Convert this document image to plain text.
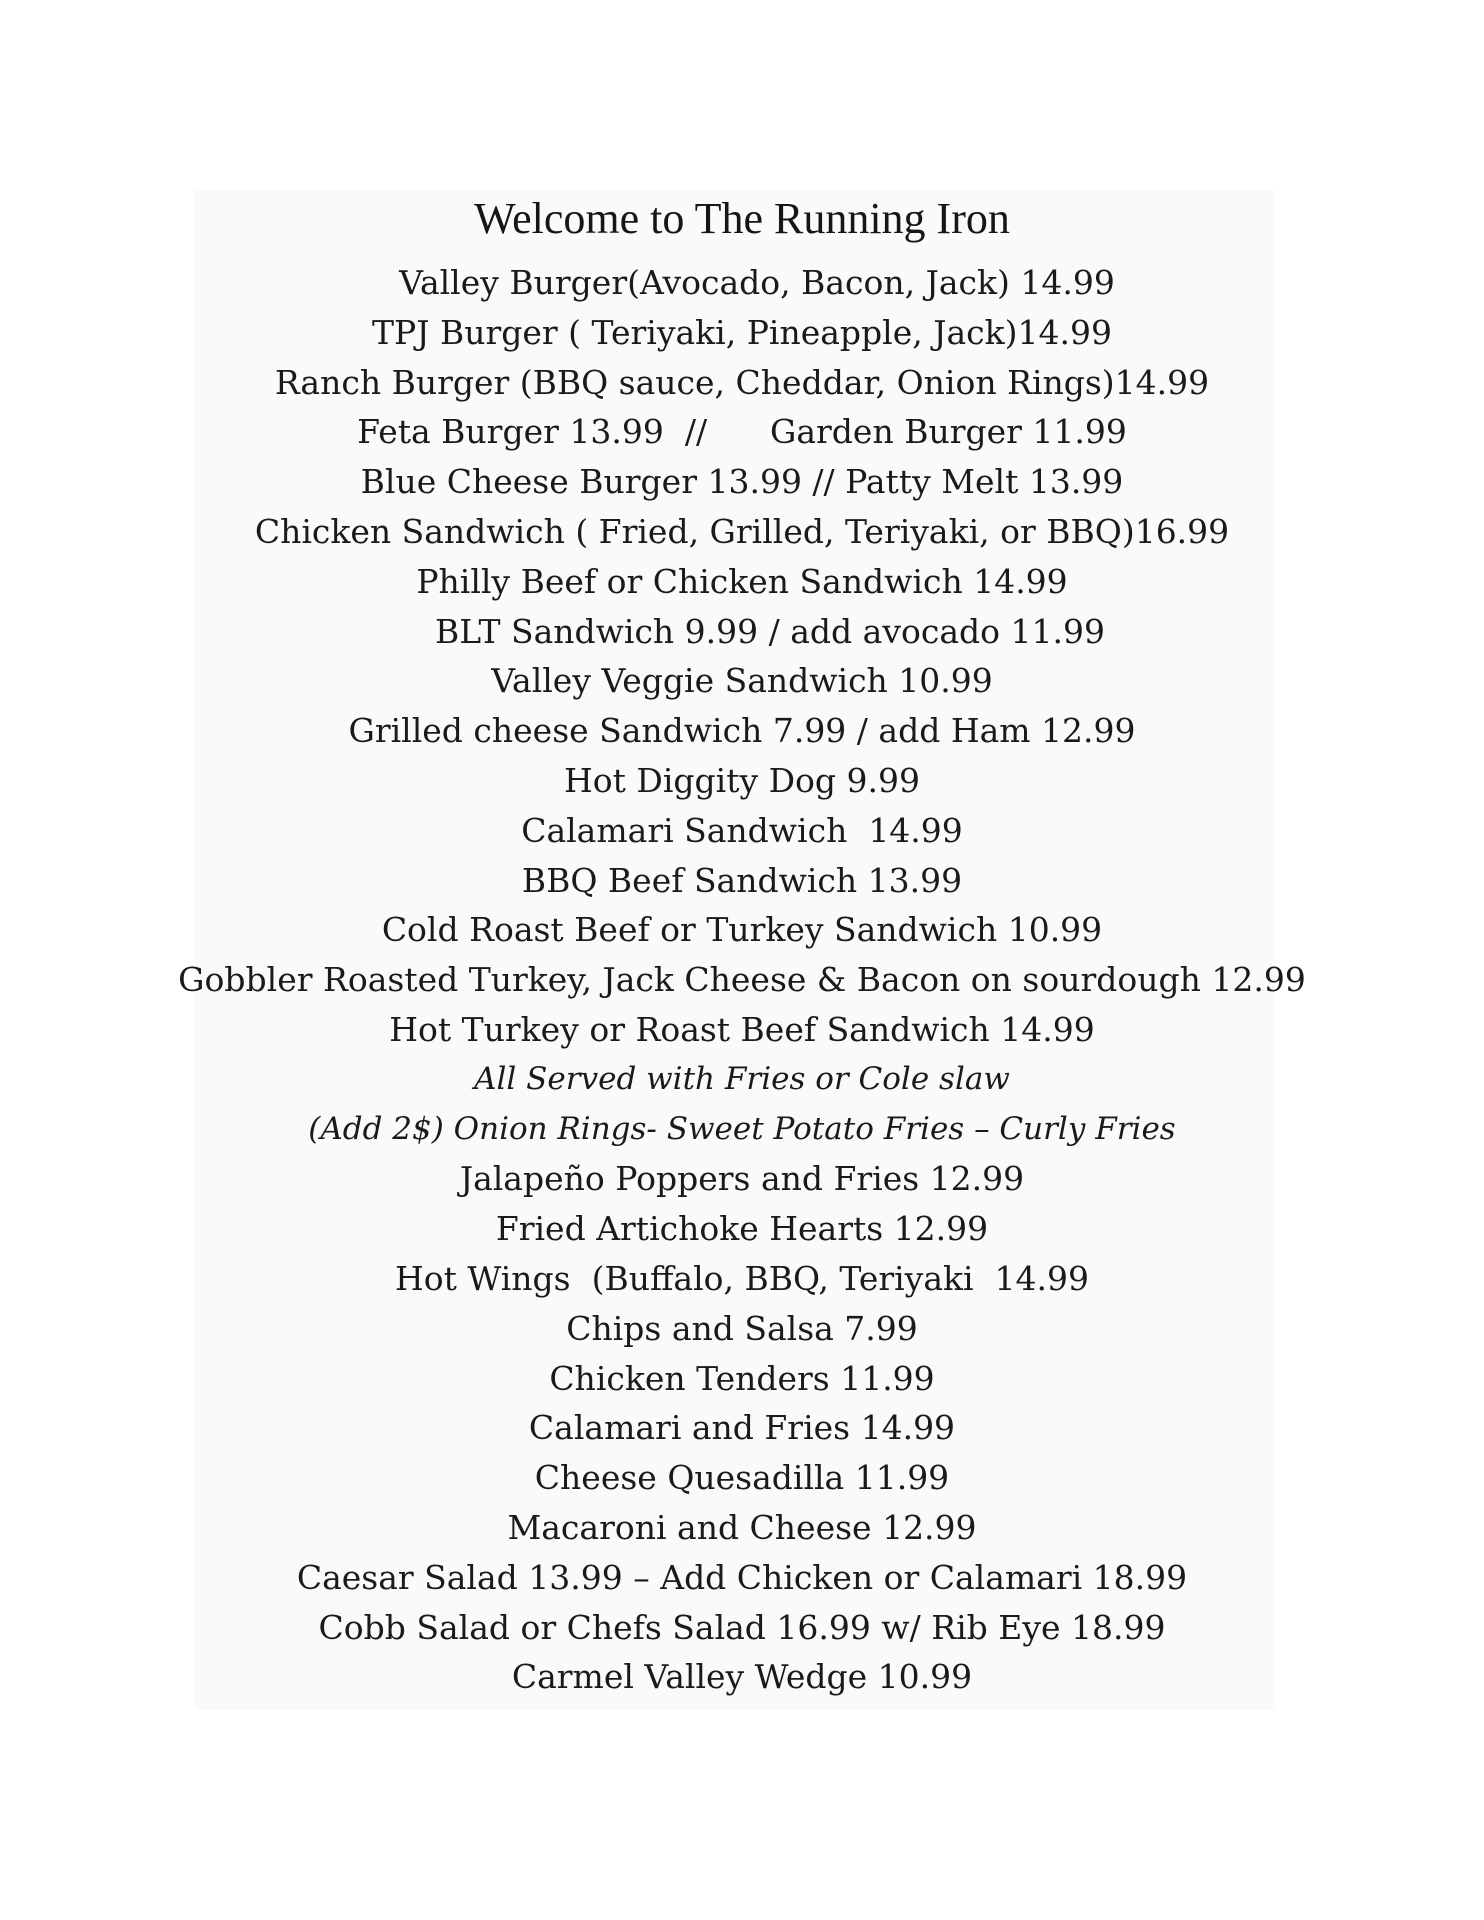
Welcome to The Running Iron
Valley Burger(Avocado, Bacon, Jack) 14.99
TPJ Burger ( Teriyaki, Pineapple, Jack)14.99
Ranch Burger (BBQ sauce, Cheddar, Onion Rings)14.99
Feta Burger 13.99  //      Garden Burger 11.99
Blue Cheese Burger 13.99 // Patty Melt 13.99
Chicken Sandwich ( Fried, Grilled, Teriyaki, or BBQ)16.99
Philly Beef or Chicken Sandwich 14.99
BLT Sandwich 9.99 / add avocado 11.99
Valley Veggie Sandwich 10.99
Grilled cheese Sandwich 7.99 / add Ham 12.99
Hot Diggity Dog 9.99
Calamari Sandwich  14.99
BBQ Beef Sandwich 13.99
Cold Roast Beef or Turkey Sandwich 10.99
Gobbler Roasted Turkey, Jack Cheese & Bacon on sourdough 12.99
Hot Turkey or Roast Beef Sandwich 14.99
All Served with Fries or Cole slaw
(Add 2$) Onion Rings- Sweet Potato Fries – Curly Fries
Jalapeño Poppers and Fries 12.99
Fried Artichoke Hearts 12.99
Hot Wings  (Buffalo, BBQ, Teriyaki  14.99
Chips and Salsa 7.99
Chicken Tenders 11.99
Calamari and Fries 14.99
Cheese Quesadilla 11.99
Macaroni and Cheese 12.99
Caesar Salad 13.99 – Add Chicken or Calamari 18.99
Cobb Salad or Chefs Salad 16.99 w/ Rib Eye 18.99
Carmel Valley Wedge 10.99
